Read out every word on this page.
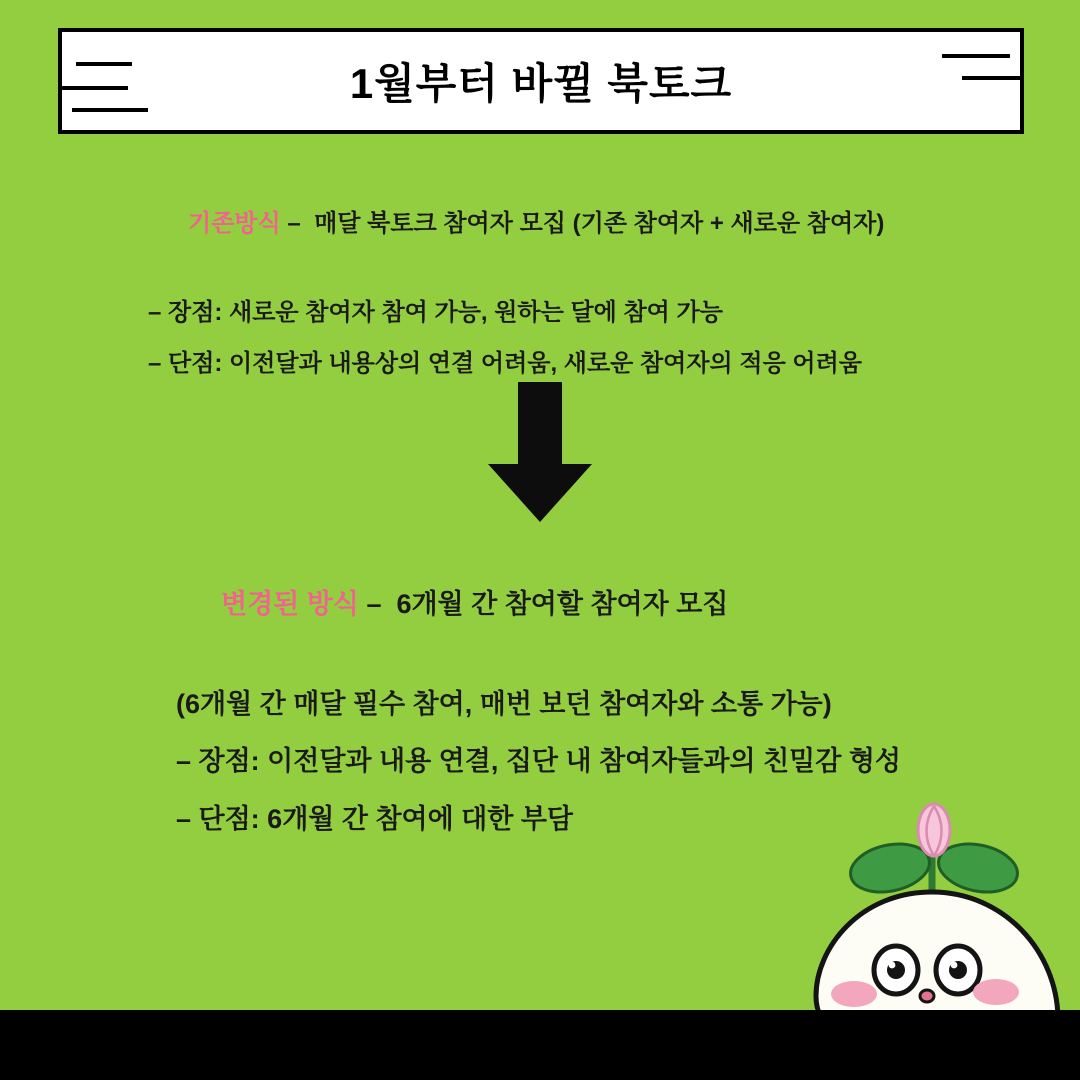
1월부터 바뀔 북토크

기존방식 –  매달 북토크 참여자 모집 (기존 참여자 + 새로운 참여자)

– 장점: 새로운 참여자 참여 가능, 원하는 달에 참여 가능
– 단점: 이전달과 내용상의 연결 어려움, 새로운 참여자의 적응 어려움

변경된 방식 –  6개월 간 참여할 참여자 모집

(6개월 간 매달 필수 참여, 매번 보던 참여자와 소통 가능)
– 장점: 이전달과 내용 연결, 집단 내 참여자들과의 친밀감 형성
– 단점: 6개월 간 참여에 대한 부담
